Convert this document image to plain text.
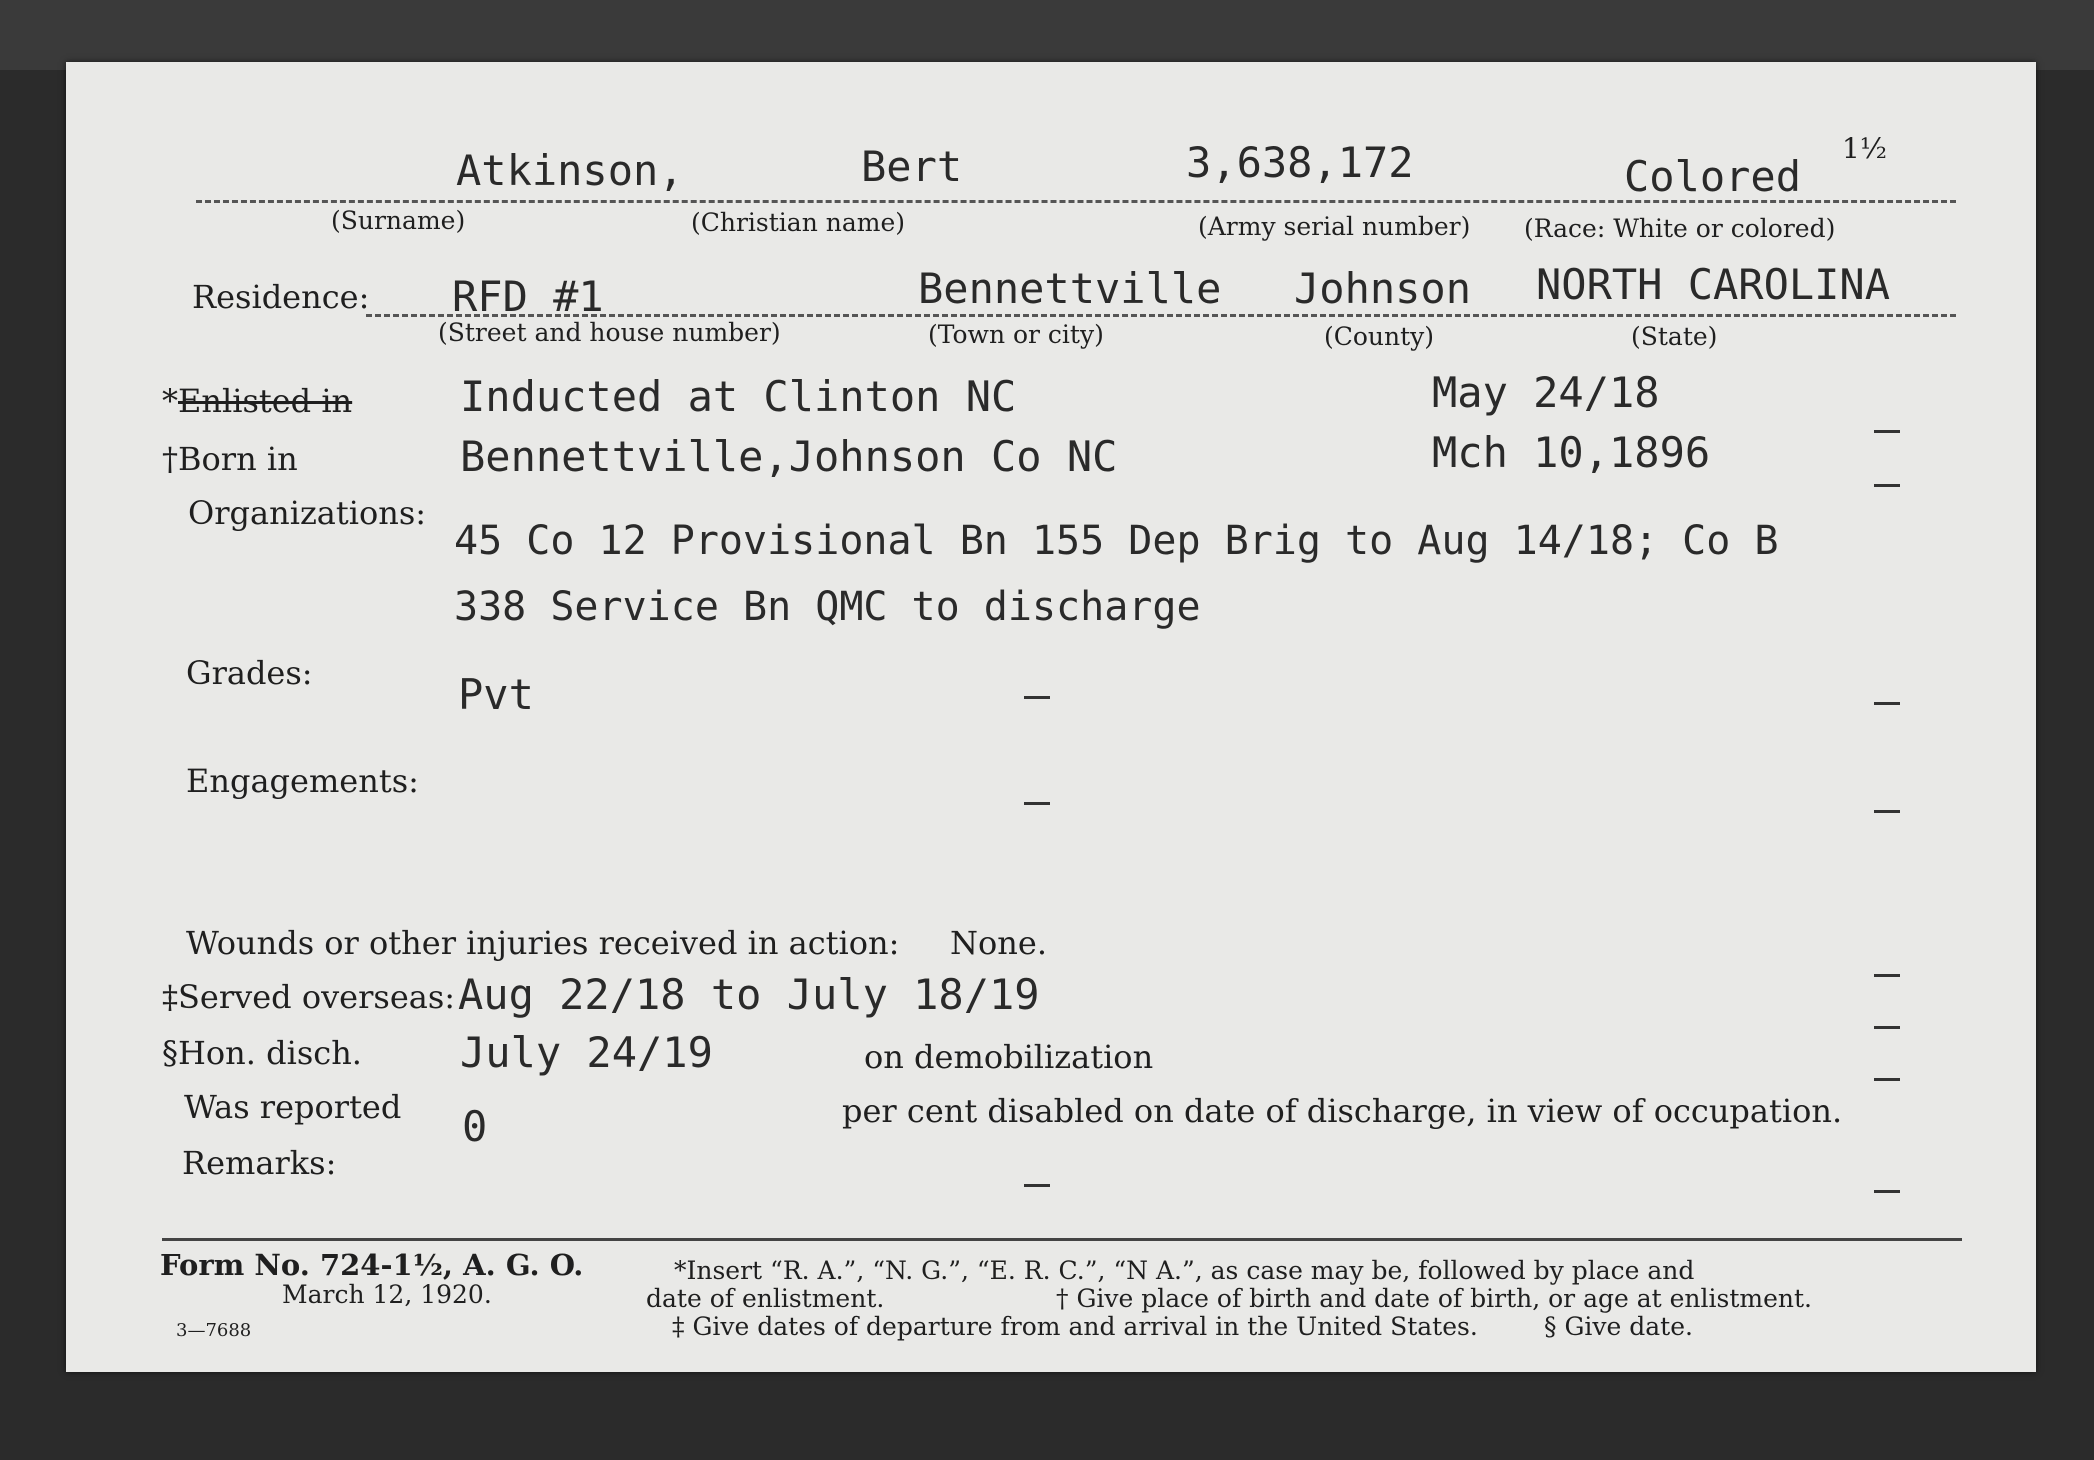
Atkinson,	Bert	3,638,172	Colored
1½
(Surname)	(Christian name)	(Army serial number) (Race: White or colored)
Residence: RFD #1	Bennettville Johnson NORTH CAROLINA
(Street and house number)	(Town or city)	(County)	(State)
*Enlisted in	Inducted at Clinton NC	May 24/18
†Born in	Bennettville,Johnson Co NC	Mch 10,1896
Organizations:
45 Co 12 Provisional Bn 155 Dep Brig to Aug 14/18; Co B
338 Service Bn QMC to discharge
Grades:	Pvt
Engagements:
Wounds or other injuries received in action: None.
‡Served overseas: Aug 22/18 to July 18/19
§Hon. disch. July 24/19	on demobilization
Was reported 0	per cent disabled on date of discharge, in view of occupation.
Remarks:
Form No. 724-1½, A. G. O.
March 12, 1920.
3—7688
*Insert “R. A.”, “N. G.”, “E. R. C.”, “N A.”, as case may be, followed by place and
date of enlistment.	† Give place of birth and date of birth, or age at enlistment.
‡ Give dates of departure from and arrival in the United States.	§ Give date.
